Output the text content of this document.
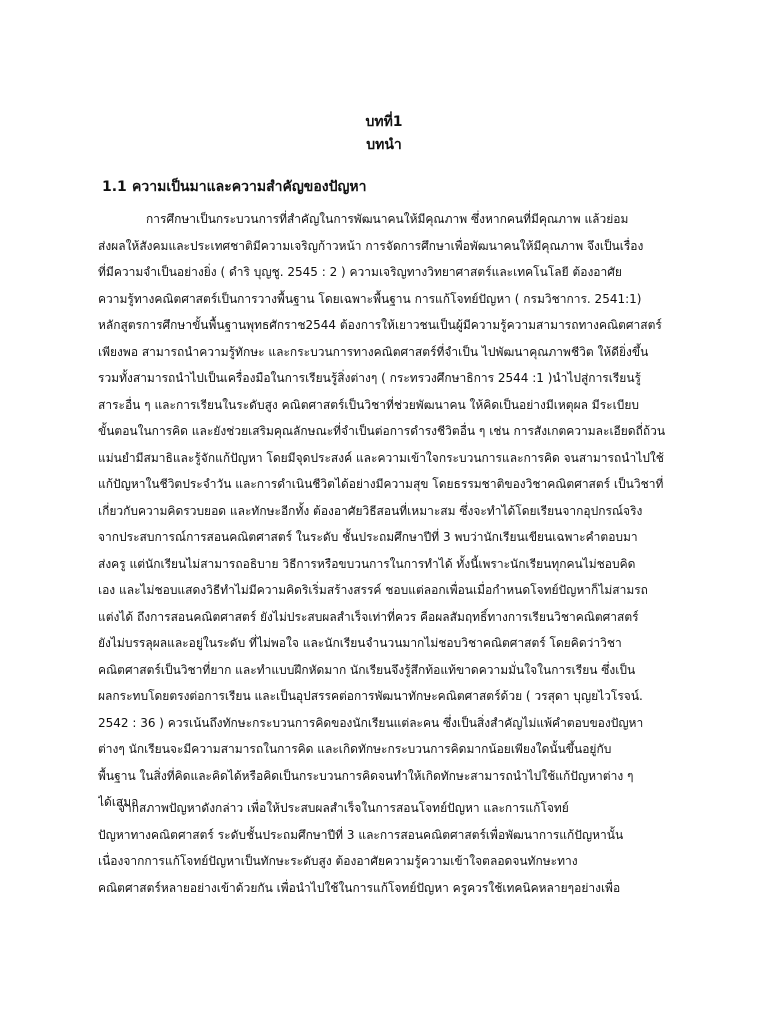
บทที่1
บทนำ
1.1 ความเป็นมาและความสำคัญของปัญหา
การศึกษาเป็นกระบวนการที่สำคัญในการพัฒนาคนให้มีคุณภาพ ซึ่งหากคนที่มีคุณภาพ แล้วย่อม
ส่งผลให้สังคมและประเทศชาติมีความเจริญก้าวหน้า การจัดการศึกษาเพื่อพัฒนาคนให้มีคุณภาพ จึงเป็นเรื่อง
ที่มีความจำเป็นอย่างยิ่ง ( ดำริ บุญชู. 2545 : 2 ) ความเจริญทางวิทยาศาสตร์และเทคโนโลยี ต้องอาศัย
ความรู้ทางคณิตศาสตร์เป็นการวางพื้นฐาน โดยเฉพาะพื้นฐาน การแก้โจทย์ปัญหา ( กรมวิชาการ. 2541:1)
หลักสูตรการศึกษาขั้นพื้นฐานพุทธศักราช2544 ต้องการให้เยาวชนเป็นผู้มีความรู้ความสามารถทางคณิตศาสตร์
เพียงพอ สามารถนำความรู้ทักษะ และกระบวนการทางคณิตศาสตร์ที่จำเป็น ไปพัฒนาคุณภาพชีวิต ให้ดียิ่งขึ้น
รวมทั้งสามารถนำไปเป็นเครื่องมือในการเรียนรู้สิ่งต่างๆ ( กระทรวงศึกษาธิการ 2544 :1 )นำไปสู่การเรียนรู้
สาระอื่น ๆ และการเรียนในระดับสูง คณิตศาสตร์เป็นวิชาที่ช่วยพัฒนาคน ให้คิดเป็นอย่างมีเหตุผล มีระเบียบ
ขั้นตอนในการคิด และยังช่วยเสริมคุณลักษณะที่จำเป็นต่อการดำรงชีวิตอื่น ๆ เช่น การสังเกตความละเอียดถี่ถ้วน
แม่นยำมีสมาธิและรู้จักแก้ปัญหา โดยมีจุดประสงค์ และความเข้าใจกระบวนการและการคิด จนสามารถนำไปใช้
แก้ปัญหาในชีวิตประจำวัน และการดำเนินชีวิตได้อย่างมีความสุข โดยธรรมชาติของวิชาคณิตศาสตร์ เป็นวิชาที่
เกี่ยวกับความคิดรวบยอด และทักษะอีกทั้ง ต้องอาศัยวิธีสอนที่เหมาะสม ซึ่งจะทำได้โดยเรียนจากอุปกรณ์จริง
จากประสบการณ์การสอนคณิตศาสตร์ ในระดับ ชั้นประถมศึกษาปีที่ 3 พบว่านักเรียนเขียนเฉพาะคำตอบมา
ส่งครู แต่นักเรียนไม่สามารถอธิบาย วิธีการหรือขบวนการในการทำได้ ทั้งนี้เพราะนักเรียนทุกคนไม่ชอบคิด
เอง และไม่ชอบแสดงวิธีทำไม่มีความคิดริเริ่มสร้างสรรค์ ชอบแต่ลอกเพื่อนเมื่อกำหนดโจทย์ปัญหาก็ไม่สามรถ
แต่งได้ ถึงการสอนคณิตศาสตร์ ยังไม่ประสบผลสำเร็จเท่าที่ควร คือผลสัมฤทธิ์ทางการเรียนวิชาคณิตศาสตร์
ยังไม่บรรลุผลและอยู่ในระดับ ที่ไม่พอใจ และนักเรียนจำนวนมากไม่ชอบวิชาคณิตศาสตร์ โดยคิดว่าวิชา
คณิตศาสตร์เป็นวิชาที่ยาก และทำแบบฝึกหัดมาก นักเรียนจึงรู้สึกท้อแท้ขาดความมั่นใจในการเรียน ซึ่งเป็น
ผลกระทบโดยตรงต่อการเรียน และเป็นอุปสรรคต่อการพัฒนาทักษะคณิตศาสตร์ด้วย ( วรสุดา บุญยไวโรจน์.
2542 : 36 ) ควรเน้นถึงทักษะกระบวนการคิดของนักเรียนแต่ละคน ซึ่งเป็นสิ่งสำคัญไม่แพ้คำตอบของปัญหา
ต่างๆ นักเรียนจะมีความสามารถในการคิด และเกิดทักษะกระบวนการคิดมากน้อยเพียงใดนั้นขึ้นอยู่กับ
พื้นฐาน ในสิ่งที่คิดและคิดได้หรือคิดเป็นกระบวนการคิดจนทำให้เกิดทักษะสามารถนำไปใช้แก้ปัญหาต่าง ๆ
ได้เสมอ
จากสภาพปัญหาดังกล่าว เพื่อให้ประสบผลสำเร็จในการสอนโจทย์ปัญหา และการแก้โจทย์
ปัญหาทางคณิตศาสตร์ ระดับชั้นประถมศึกษาปีที่ 3 และการสอนคณิตศาสตร์เพื่อพัฒนาการแก้ปัญหานั้น
เนื่องจากการแก้โจทย์ปัญหาเป็นทักษะระดับสูง ต้องอาศัยความรู้ความเข้าใจตลอดจนทักษะทาง
คณิตศาสตร์หลายอย่างเข้าด้วยกัน เพื่อนำไปใช้ในการแก้โจทย์ปัญหา ครูควรใช้เทคนิคหลายๆอย่างเพื่อ
